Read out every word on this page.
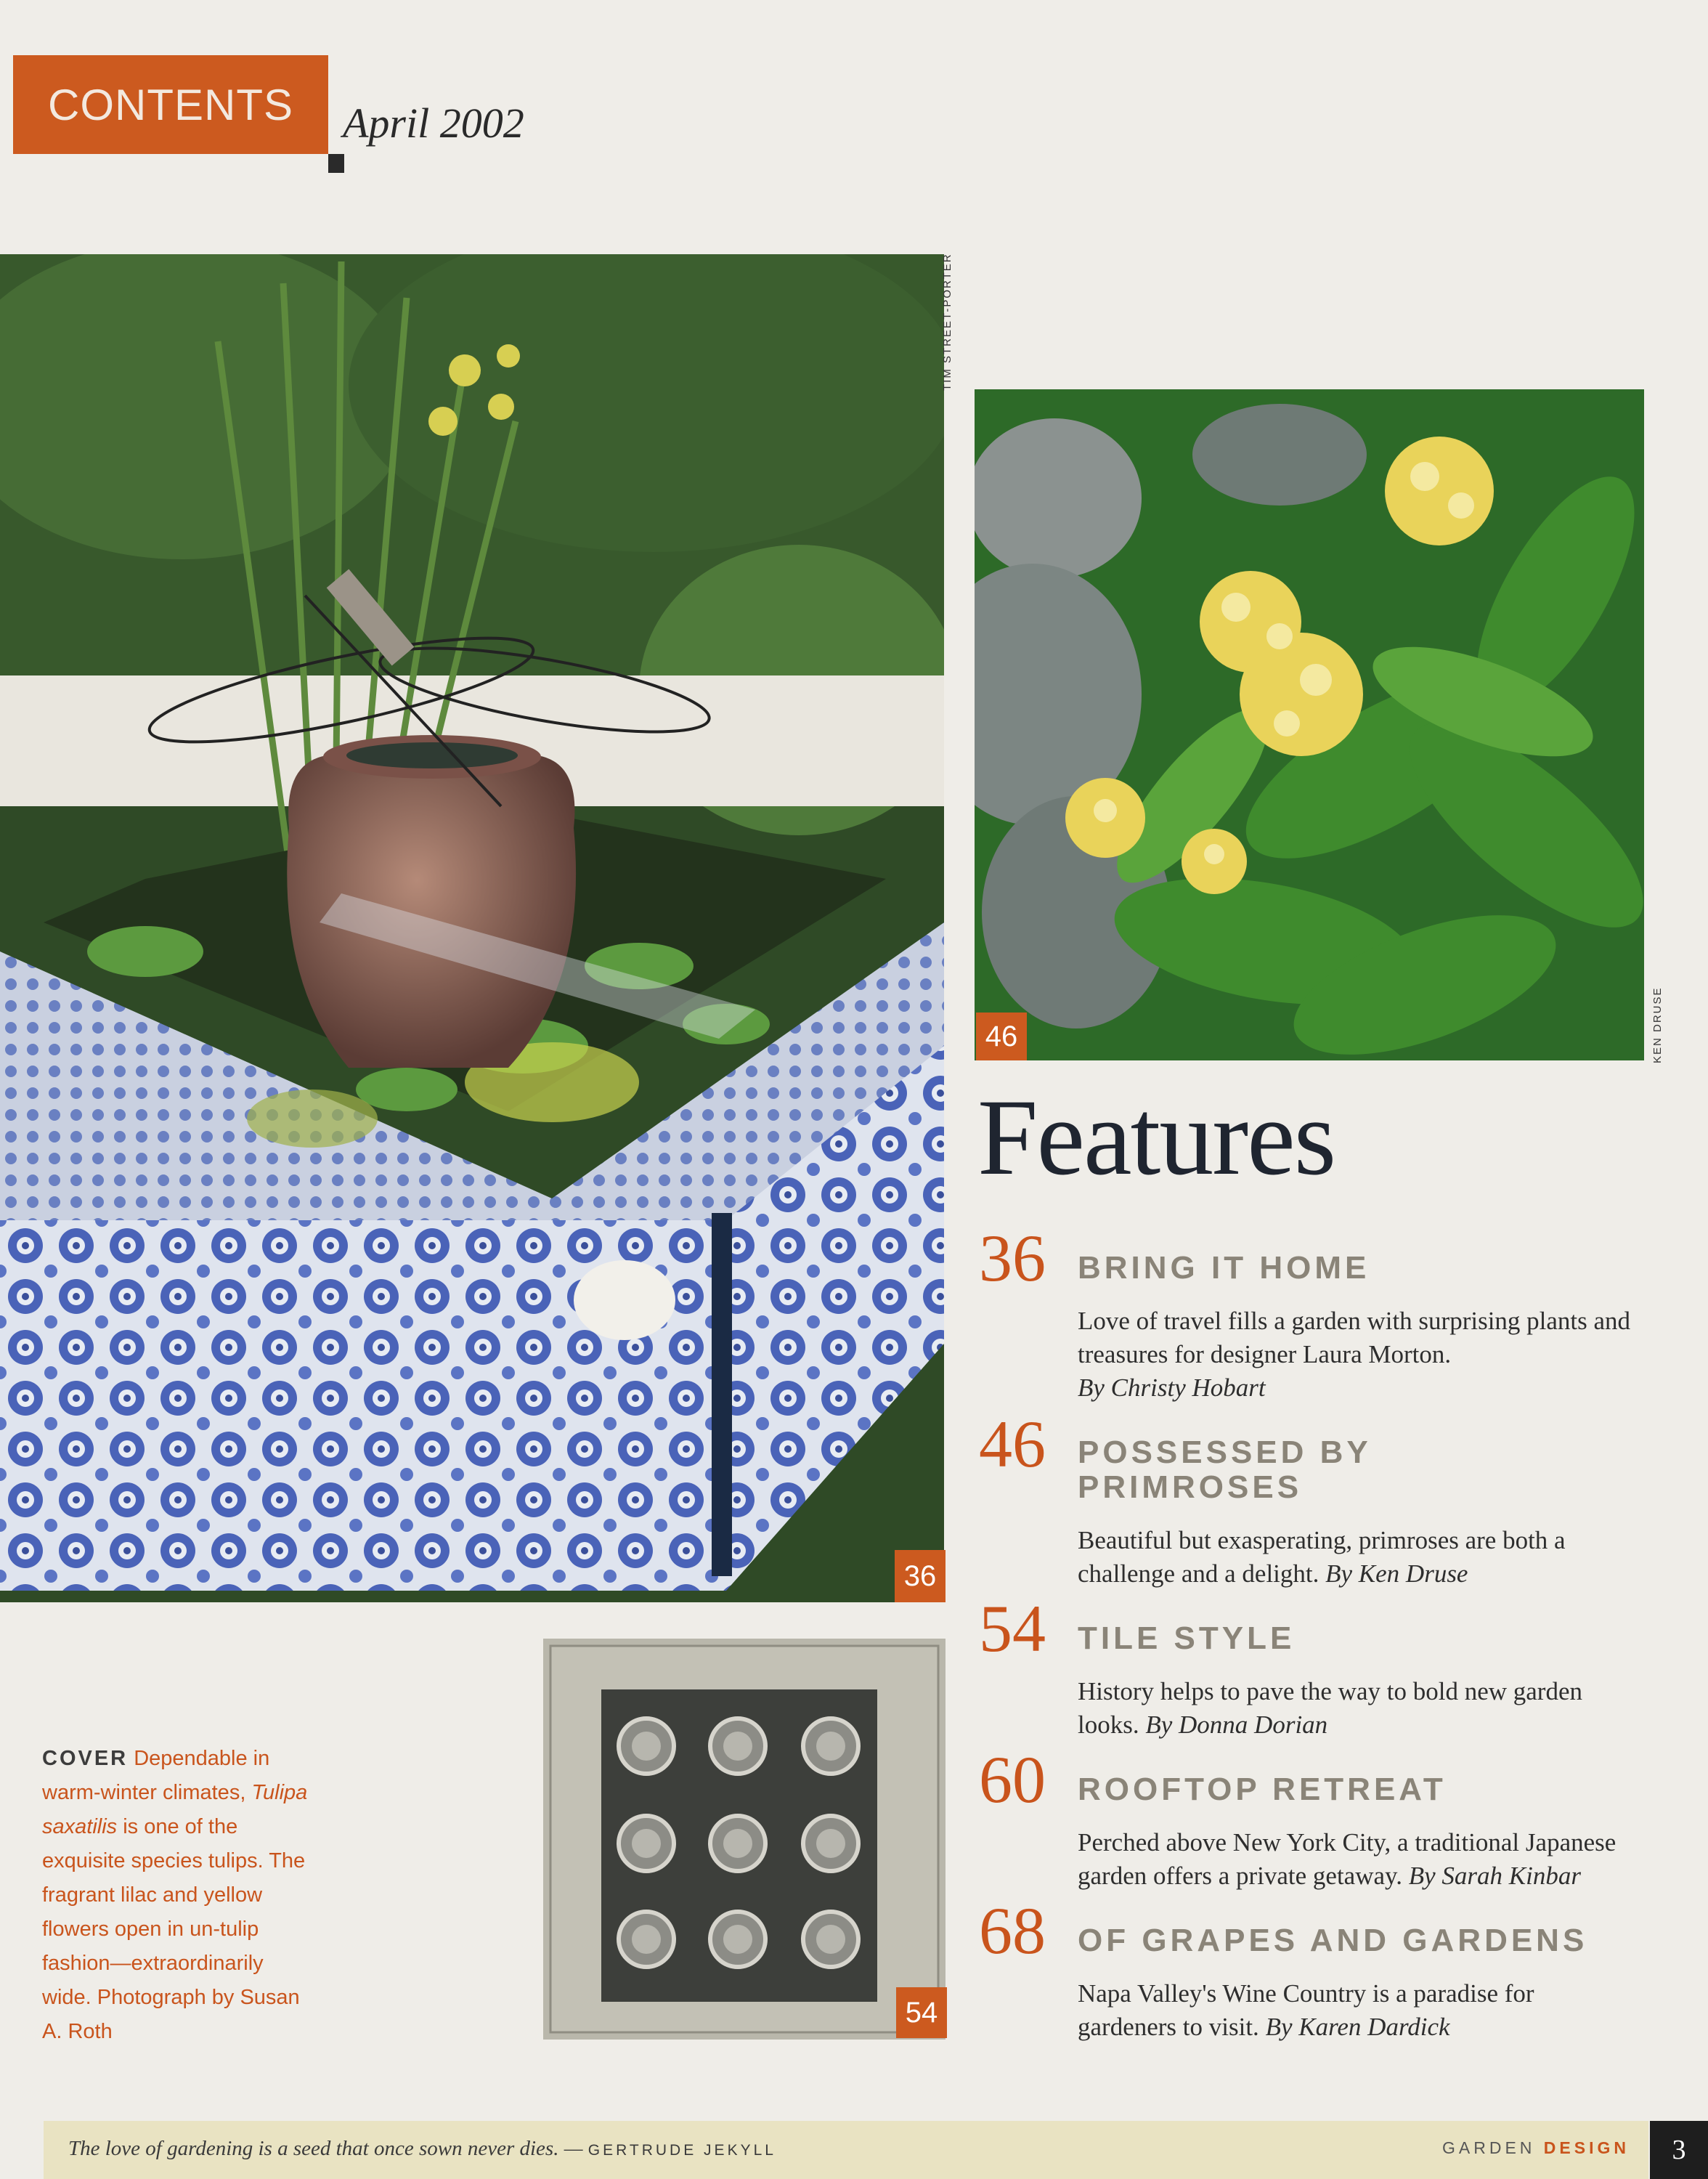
CONTENTS	April 2002
36
TIM STREET-PORTER
46	KEN DRUSE
54
Features
36 BRING IT HOME
Love of travel fills a garden with surprising plants and treasures for designer Laura Morton.
By Christy Hobart
46 POSSESSED BY
PRIMROSES
Beautiful but exasperating, primroses are both a challenge and a delight. By Ken Druse
54 TILE STYLE
History helps to pave the way to bold new garden looks. By Donna Dorian
60 ROOFTOP RETREAT
Perched above New York City, a traditional Japanese garden offers a private getaway. By Sarah Kinbar
68 OF GRAPES AND GARDENS
Napa Valley's Wine Country is a paradise for gardeners to visit. By Karen Dardick
COVER Dependable in warm-winter climates, Tulipa saxatilis is one of the exquisite species tulips. The fragrant lilac and yellow flowers open in un-tulip fashion—extraordinarily wide. Photograph by Susan A. Roth
The love of gardening is a seed that once sown never dies. — GERTRUDE JEKYLL	GARDEN DESIGN	3
